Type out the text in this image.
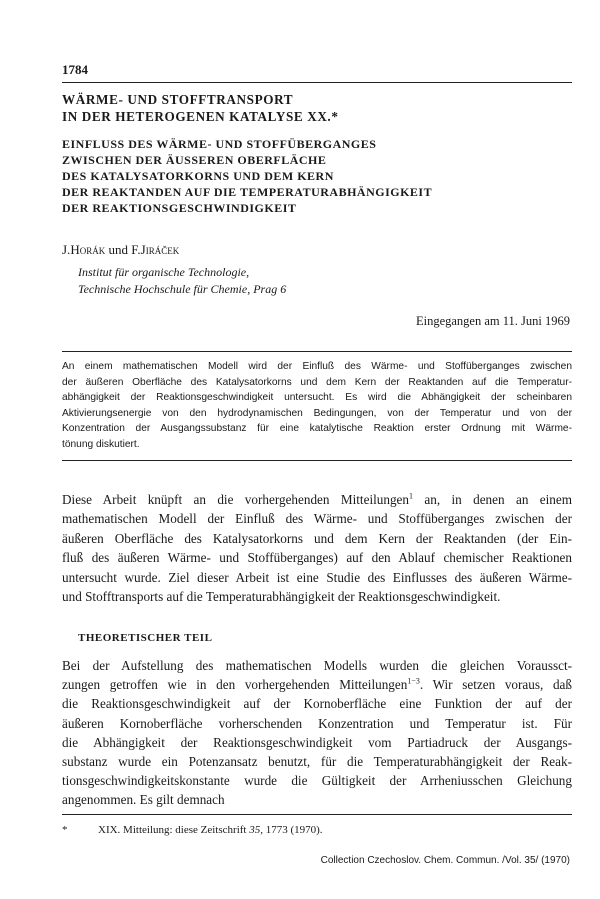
1784
WÄRME- UND STOFFTRANSPORT
IN DER HETEROGENEN KATALYSE XX.*
EINFLUSS DES WÄRME- UND STOFFÜBERGANGES
ZWISCHEN DER ÄUSSEREN OBERFLÄCHE
DES KATALYSATORKORNS UND DEM KERN
DER REAKTANDEN AUF DIE TEMPERATURABHÄNGIGKEIT
DER REAKTIONSGESCHWINDIGKEIT
J.Horák und F.Jiráček
Institut für organische Technologie,
Technische Hochschule für Chemie, Prag 6
Eingegangen am 11. Juni 1969
An einem mathematischen Modell wird der Einfluß des Wärme- und Stoffüberganges zwischen
der äußeren Oberfläche des Katalysatorkorns und dem Kern der Reaktanden auf die Temperatur-
abhängigkeit der Reaktionsgeschwindigkeit untersucht. Es wird die Abhängigkeit der scheinbaren
Aktivierungsenergie von den hydrodynamischen Bedingungen, von der Temperatur und von der
Konzentration der Ausgangssubstanz für eine katalytische Reaktion erster Ordnung mit Wärme-
tönung diskutiert.
Diese Arbeit knüpft an die vorhergehenden Mitteilungen$^1$ an, in denen an einem
mathematischen Modell der Einfluß des Wärme- und Stoffüberganges zwischen der
äußeren Oberfläche des Katalysatorkorns und dem Kern der Reaktanden (der Ein-
fluß des äußeren Wärme- und Stoffüberganges) auf den Ablauf chemischer Reaktionen
untersucht wurde. Ziel dieser Arbeit ist eine Studie des Einflusses des äußeren Wärme-
und Stofftransports auf die Temperaturabhängigkeit der Reaktionsgeschwindigkeit.
THEORETISCHER TEIL
Bei der Aufstellung des mathematischen Modells wurden die gleichen Voraussct-
zungen getroffen wie in den vorhergehenden Mitteilungen$^{1-3}$. Wir setzen voraus, daß
die Reaktionsgeschwindigkeit auf der Kornoberfläche eine Funktion der auf der
äußeren Kornoberfläche vorherschenden Konzentration und Temperatur ist. Für
die Abhängigkeit der Reaktionsgeschwindigkeit vom Partiadruck der Ausgangs-
substanz wurde ein Potenzansatz benutzt, für die Temperaturabhängigkeit der Reak-
tionsgeschwindigkeitskonstante wurde die Gültigkeit der Arrheniusschen Gleichung
angenommen. Es gilt demnach
*	XIX. Mitteilung: diese Zeitschrift 35, 1773 (1970).
Collection Czechoslov. Chem. Commun. /Vol. 35/ (1970)
